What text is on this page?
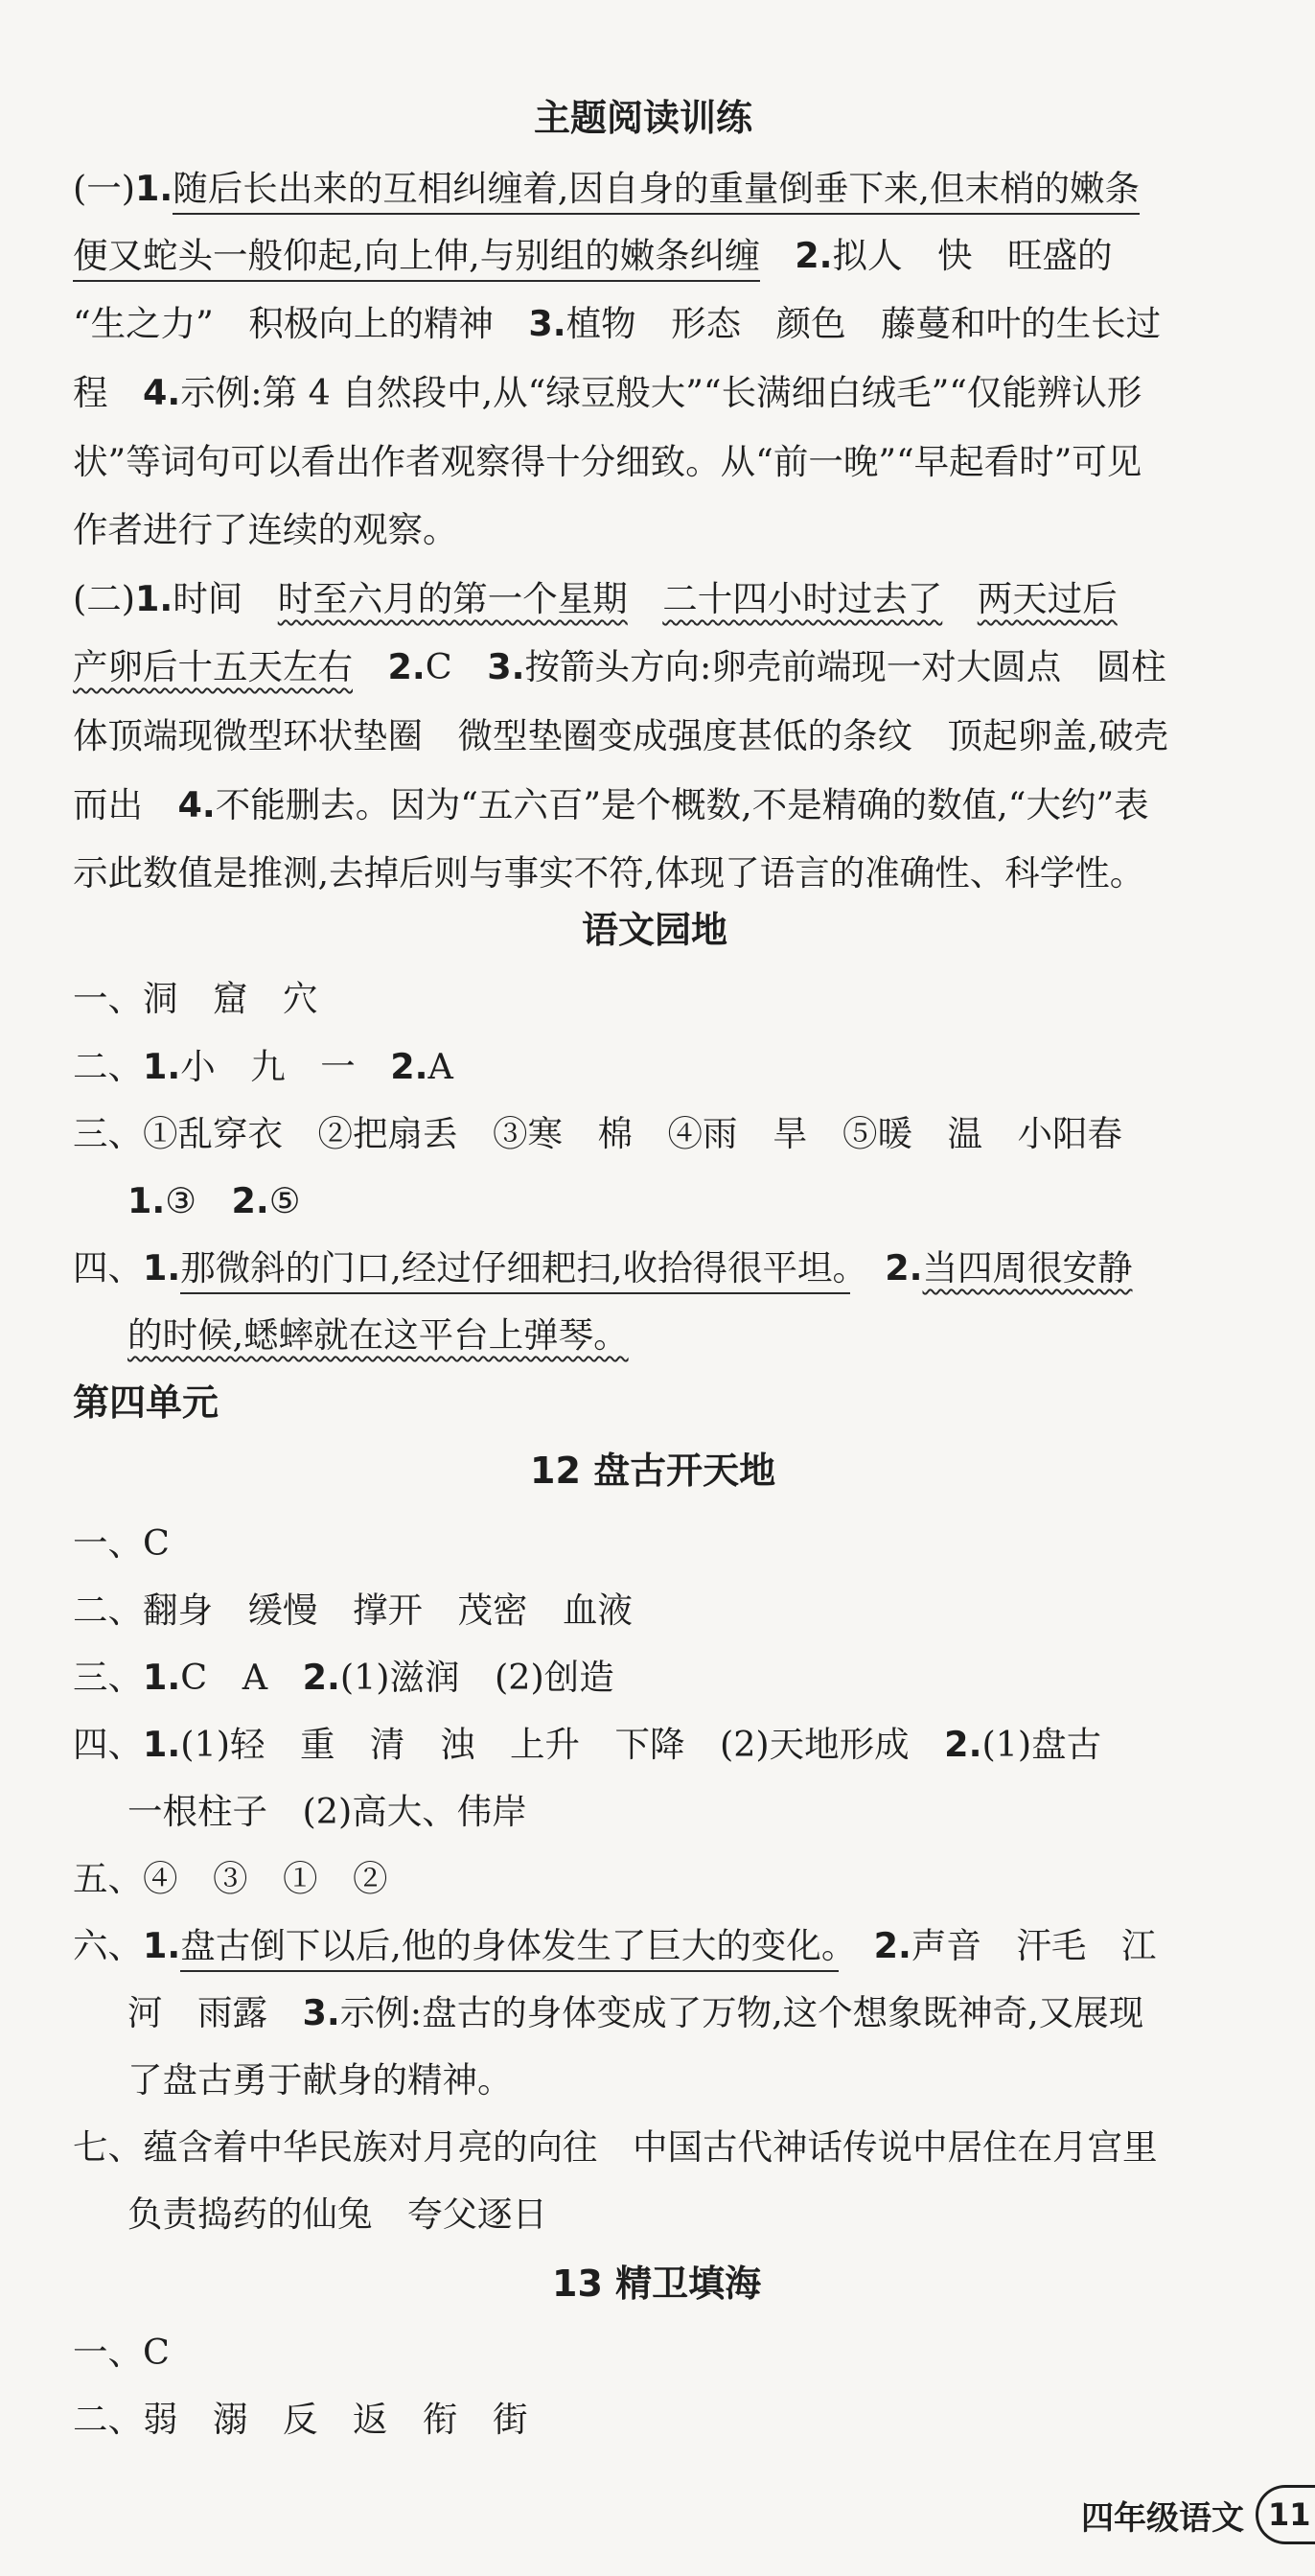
主题阅读训练
(一)1.随后长出来的互相纠缠着,因自身的重量倒垂下来,但末梢的嫩条
便又蛇头一般仰起,向上伸,与别组的嫩条纠缠　 2.拟人　快　旺盛的
“生之力”　积极向上的精神　3.植物　形态　颜色　藤蔓和叶的生长过
程　4.示例:第 4 自然段中,从“绿豆般大”“长满细白绒毛”“仅能辨认形
状”等词句可以看出作者观察得十分细致。从“前一晚”“早起看时”可见
作者进行了连续的观察。
(二)1.时间　时至六月的第一个星期　 二十四小时过去了　 两天过后
产卵后十五天左右　 2.C　3.按箭头方向:卵壳前端现一对大圆点　圆柱
体顶端现微型环状垫圈　微型垫圈变成强度甚低的条纹　顶起卵盖,破壳
而出　4.不能删去。因为“五六百”是个概数,不是精确的数值,“大约”表
示此数值是推测,去掉后则与事实不符,体现了语言的准确性、科学性。
语文园地
一、洞　窟　穴
二、1.小　九　一　2.A
三、①乱穿衣　②把扇丢　③寒　棉　④雨　旱　⑤暖　温　小阳春
1.③　2.⑤
四、1.那微斜的门口,经过仔细耙扫,收拾得很平坦。　 2.当四周很安静
的时候,蟋蟀就在这平台上弹琴。
第四单元
12 盘古开天地
一、C
二、翻身　缓慢　撑开　茂密　血液
三、1.C　A　2.(1)滋润　(2)创造
四、1.(1)轻　重　清　浊　上升　下降　(2)天地形成　2.(1)盘古
一根柱子　(2)高大、伟岸
五、④　③　①　②
六、1.盘古倒下以后,他的身体发生了巨大的变化。　 2.声音　汗毛　江
河　雨露　3.示例:盘古的身体变成了万物,这个想象既神奇,又展现
了盘古勇于献身的精神。
七、蕴含着中华民族对月亮的向往　中国古代神话传说中居住在月宫里
负责捣药的仙兔　夸父逐日
13 精卫填海
一、C
二、弱　溺　反　返　衔　街
四年级语文 11
